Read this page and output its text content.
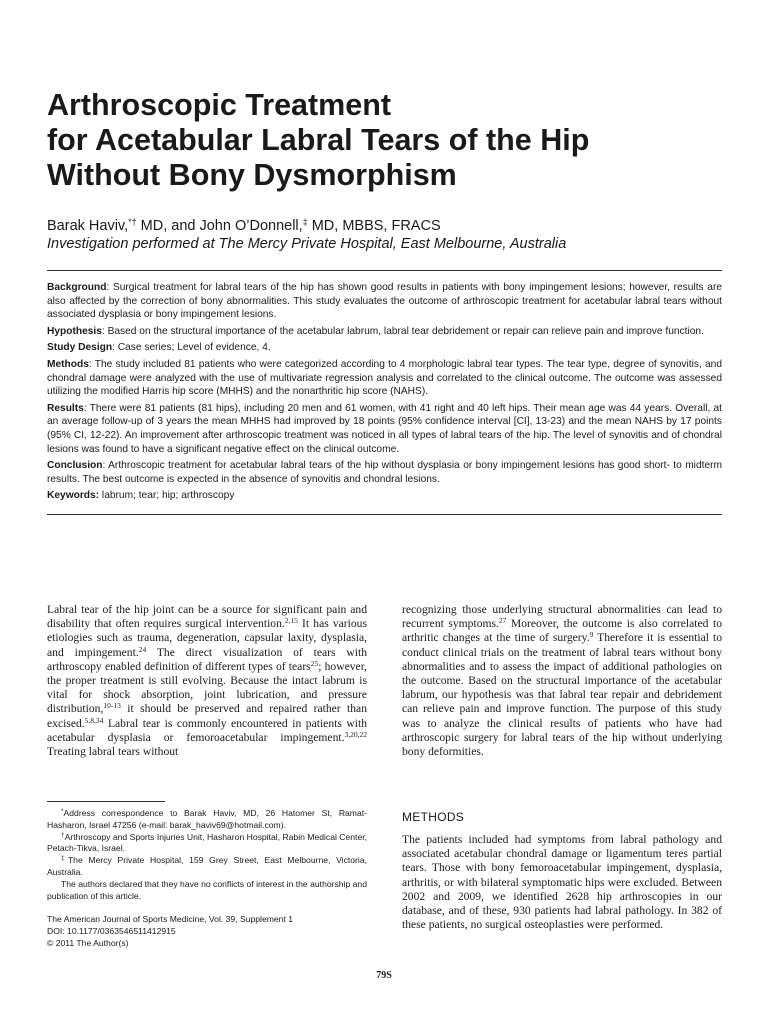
Arthroscopic Treatment
for Acetabular Labral Tears of the Hip
Without Bony Dysmorphism
Barak Haviv,*† MD, and John O’Donnell,‡ MD, MBBS, FRACS
Investigation performed at The Mercy Private Hospital, East Melbourne, Australia

Background: Surgical treatment for labral tears of the hip has shown good results in patients with bony impingement lesions; however, results are also affected by the correction of bony abnormalities. This study evaluates the outcome of arthroscopic treatment for acetabular labral tears without associated dysplasia or bony impingement lesions.

Hypothesis: Based on the structural importance of the acetabular labrum, labral tear debridement or repair can relieve pain and improve function.

Study Design: Case series; Level of evidence, 4.

Methods: The study included 81 patients who were categorized according to 4 morphologic labral tear types. The tear type, degree of synovitis, and chondral damage were analyzed with the use of multivariate regression analysis and correlated to the clinical outcome. The outcome was assessed utilizing the modified Harris hip score (MHHS) and the nonarthritic hip score (NAHS).

Results: There were 81 patients (81 hips), including 20 men and 61 women, with 41 right and 40 left hips. Their mean age was 44 years. Overall, at an average follow-up of 3 years the mean MHHS had improved by 18 points (95% confidence interval [CI], 13-23) and the mean NAHS by 17 points (95% CI, 12-22). An improvement after arthroscopic treatment was noticed in all types of labral tears of the hip. The level of synovitis and of chondral lesions was found to have a significant negative effect on the clinical outcome.

Conclusion: Arthroscopic treatment for acetabular labral tears of the hip without dysplasia or bony impingement lesions has good short- to midterm results. The best outcome is expected in the absence of synovitis and chondral lesions.

Keywords: labrum; tear; hip; arthroscopy

Labral tear of the hip joint can be a source for significant pain and disability that often requires surgical intervention.$^{2,15}$ It has various etiologies such as trauma, degeneration, capsular laxity, dysplasia, and impingement.$^{24}$ The direct visualization of tears with arthroscopy enabled definition of different types of tears$^{25}$; however, the proper treatment is still evolving. Because the intact labrum is vital for shock absorption, joint lubrication, and pressure distribution,$^{10-13}$ it should be preserved and repaired rather than excised.$^{5,8,34}$ Labral tear is commonly encountered in patients with acetabular dysplasia or femoroacetabular impingement.$^{3,20,22}$ Treating labral tears without
recognizing those underlying structural abnormalities can lead to recurrent symptoms.$^{27}$ Moreover, the outcome is also correlated to arthritic changes at the time of surgery.$^9$ Therefore it is essential to conduct clinical trials on the treatment of labral tears without bony abnormalities and to assess the impact of additional pathologies on the outcome. Based on the structural importance of the acetabular labrum, our hypothesis was that labral tear repair and debridement can relieve pain and improve function. The purpose of this study was to analyze the clinical results of patients who have had arthroscopic surgery for labral tears of the hip without underlying bony deformities.
METHODS
The patients included had symptoms from labral pathology and associated acetabular chondral damage or ligamentum teres partial tears. Those with bony femoroacetabular impingement, dysplasia, arthritis, or with bilateral symptomatic hips were excluded. Between 2002 and 2009, we identified 2628 hip arthroscopies in our database, and of these, 930 patients had labral pathology. In 382 of these patients, no surgical osteoplasties were performed.

*Address correspondence to Barak Haviv, MD, 26 Hatomer St, Ramat-Hasharon, Israel 47256 (e-mail: barak_haviv69@hotmail.com).

†Arthroscopy and Sports Injuries Unit, Hasharon Hospital, Rabin Medical Center, Petach-Tikva, Israel.

‡The Mercy Private Hospital, 159 Grey Street, East Melbourne, Victoria, Australia.

The authors declared that they have no conflicts of interest in the authorship and publication of this article.

The American Journal of Sports Medicine, Vol. 39, Supplement 1
DOI: 10.1177/0363546511412915
© 2011 The Author(s)
79S
